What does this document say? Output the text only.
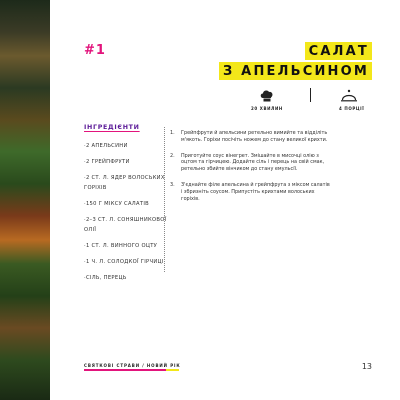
#1	САЛАТ
З АПЕЛЬСИНОМ
20 ХВИЛИН	4 ПОРЦІЇ
ІНГРЕДІЄНТИ
·2 АПЕЛЬСИНИ
·2 ГРЕЙПФРУТИ
·2 СТ. Л. ЯДЕР ВОЛОСЬКИХ
ГОРІХІВ
·150 Г МІКСУ САЛАТІВ
·2–3 СТ. Л. СОНЯШНИКОВОЇ
ОЛІЇ
·1 СТ. Л. ВИННОГО ОЦТУ
·1 Ч. Л. СОЛОДКОЇ ГІРЧИЦІ
·СІЛЬ, ПЕРЕЦЬ
1.	Грейпфрути й апельсини ретельно вимийте та відділіть м'якоть. Горіхи посічіть ножем до стану великої крихти.
2.	Приготуйте соус вінегрет. Змішайте в мисочці олію з оцтом та гірчицею. Додайте сіль і перець на свій смак, ретельно збийте вінчиком до стану емульсії.
3.	З'єднайте філе апельсина й грейпфрута з міксом салатів і збризніть соусом. Припустіть крихтами волоських горіхів.
СВЯТКОВІ СТРАВИ / НОВИЙ РІК	13
